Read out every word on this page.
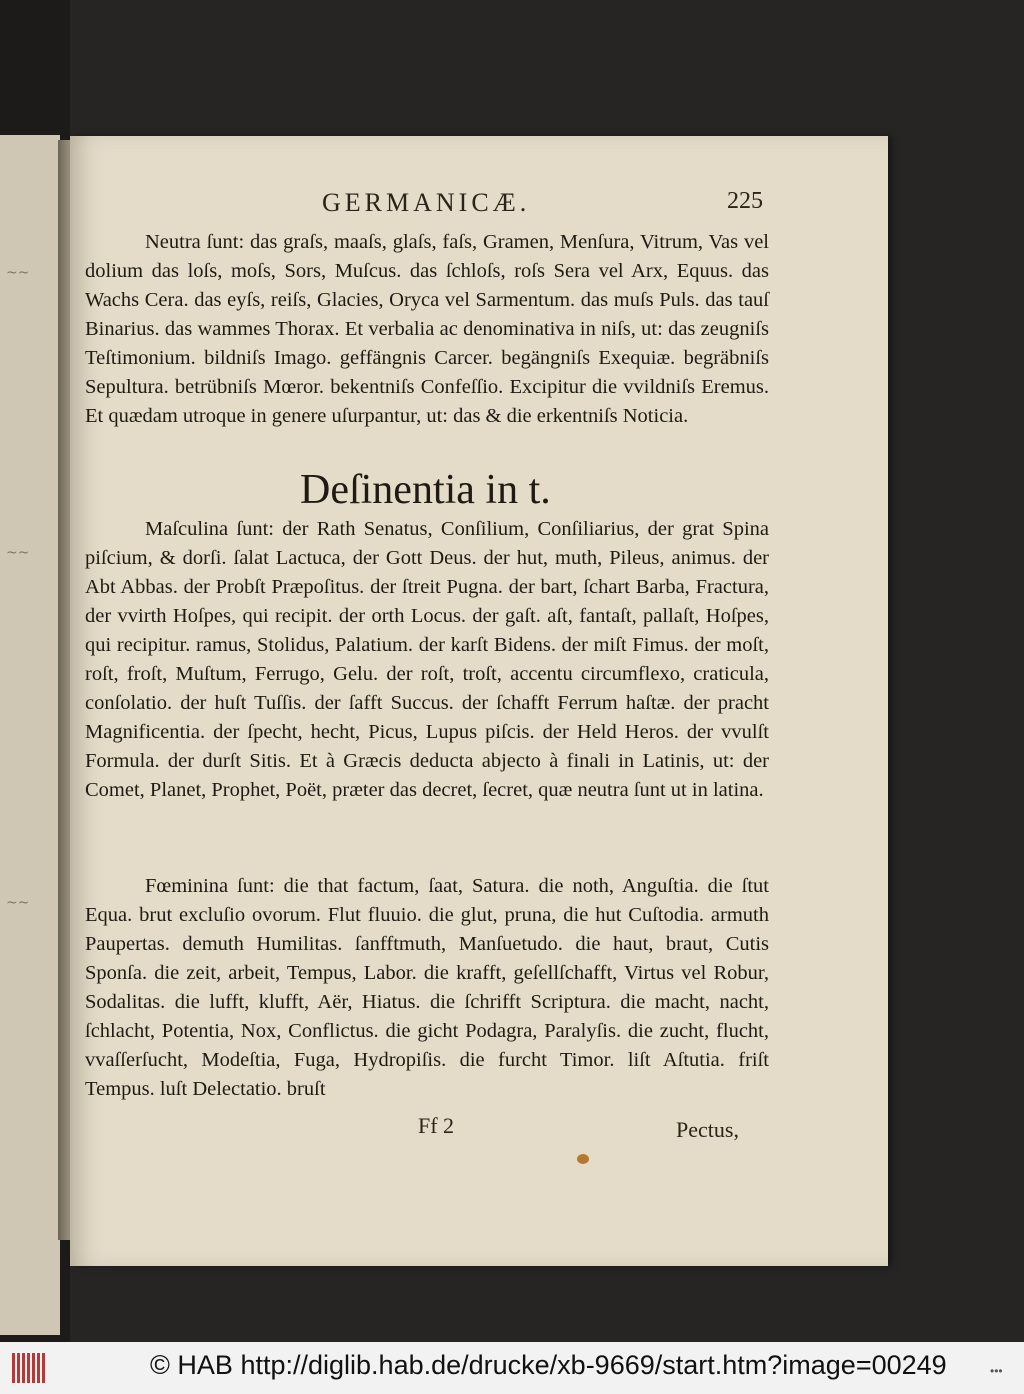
~~
~~
~~
GERMANICÆ.	225

Neutra ſunt: das graſs, maaſs, glaſs, faſs, Gramen, Menſura, Vitrum, Vas vel dolium das loſs, moſs, Sors, Muſcus. das ſchloſs, roſs Sera vel Arx, Equus. das Wachs Cera. das eyſs, reiſs, Glacies, Oryca vel Sarmentum. das muſs Puls. das tauſ Binarius. das wammes Thorax. Et verbalia ac denominativa in niſs, ut: das zeugniſs Teſtimonium. bildniſs Imago. geffängnis Carcer. begängniſs Exequiæ. begräbniſs Sepultura. betrübniſs Mœror. bekentniſs Confeſſio. Excipitur die vvildniſs Eremus. Et quædam utroque in genere uſurpantur, ut: das & die erkentniſs Noticia.

Deſinentia in t.

Maſculina ſunt: der Rath Senatus, Conſilium, Conſiliarius, der grat Spina piſcium, & dorſi. ſalat Lactuca, der Gott Deus. der hut, muth, Pileus, animus. der Abt Abbas. der Probſt Præpoſitus. der ſtreit Pugna. der bart, ſchart Barba, Fractura, der vvirth Hoſpes, qui recipit. der orth Locus. der gaſt. aſt, fantaſt, pallaſt, Hoſpes, qui recipitur. ramus, Stolidus, Palatium. der karſt Bidens. der miſt Fimus. der moſt, roſt, froſt, Muſtum, Ferrugo, Gelu. der roſt, troſt, accentu circumflexo, craticula, conſolatio. der huſt Tuſſis. der ſafft Succus. der ſchafft Ferrum haſtæ. der pracht Magnificentia. der ſpecht, hecht, Picus, Lupus piſcis. der Held Heros. der vvulſt Formula. der durſt Sitis. Et à Græcis deducta abjecto à finali in Latinis, ut: der Comet, Planet, Prophet, Poët, præter das decret, ſecret, quæ neutra ſunt ut in latina.

Fœminina ſunt: die that factum, ſaat, Satura. die noth, Anguſtia. die ſtut Equa. brut excluſio ovorum. Flut fluuio. die glut, pruna, die hut Cuſtodia. armuth Paupertas. demuth Humilitas. ſanfftmuth, Manſuetudo. die haut, braut, Cutis Sponſa. die zeit, arbeit, Tempus, Labor. die krafft, geſellſchafft, Virtus vel Robur, Sodalitas. die lufft, klufft, Aër, Hiatus. die ſchrifft Scriptura. die macht, nacht, ſchlacht, Potentia, Nox, Conflictus. die gicht Podagra, Paralyſis. die zucht, flucht, vvaſſerſucht, Modeſtia, Fuga, Hydropiſis. die furcht Timor. liſt Aſtutia. friſt Tempus. luſt Delectatio. bruſt

Ff 2	Pectus,
© HAB http://diglib.hab.de/drucke/xb-9669/start.htm?image=00249	•••
